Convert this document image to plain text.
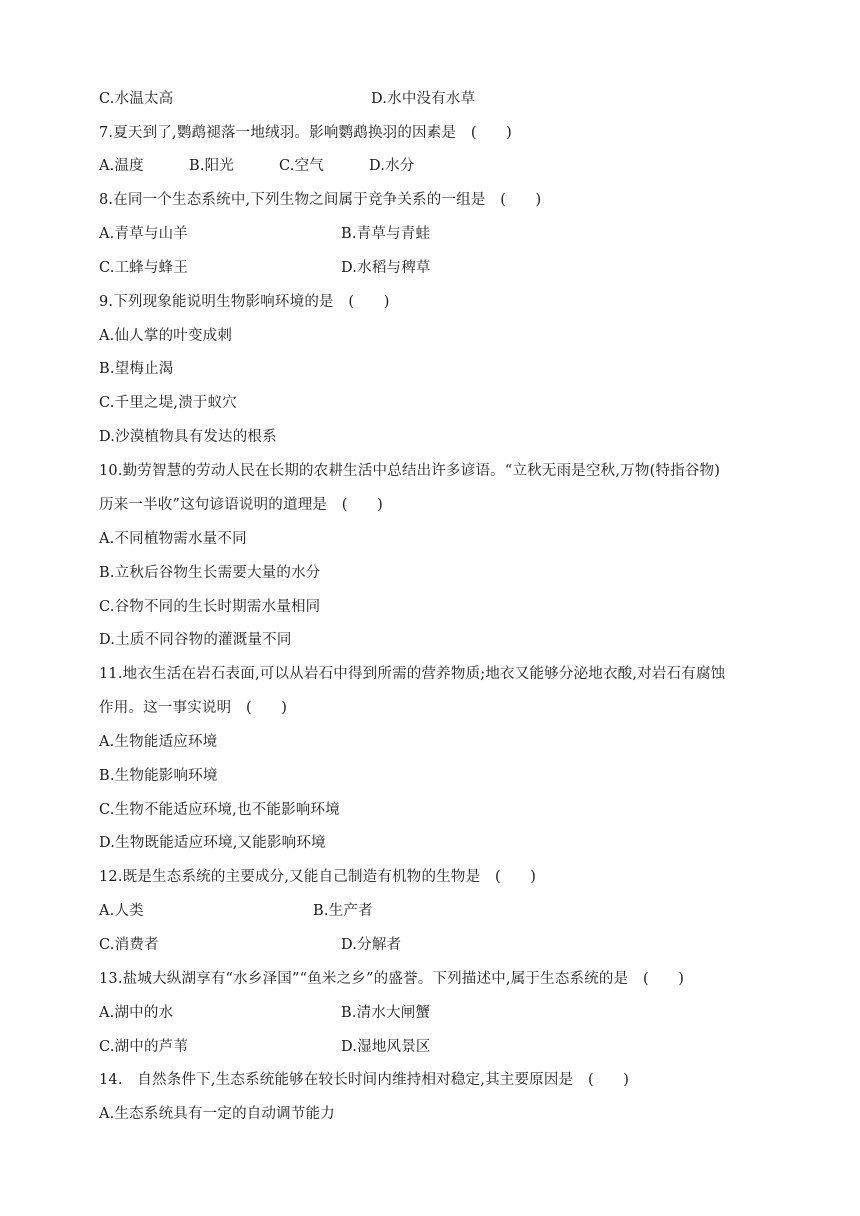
C.水温太高	D.水中没有水草
7.夏天到了,鹦鹉褪落一地绒羽。影响鹦鹉换羽的因素是　(　　)
A.温度	B.阳光	C.空气	D.水分
8.在同一个生态系统中,下列生物之间属于竞争关系的一组是　(　　)
A.青草与山羊	B.青草与青蛙
C.工蜂与蜂王	D.水稻与稗草
9.下列现象能说明生物影响环境的是　(　　)
A.仙人掌的叶变成刺
B.望梅止渴
C.千里之堤,溃于蚁穴
D.沙漠植物具有发达的根系
10.勤劳智慧的劳动人民在长期的农耕生活中总结出许多谚语。“立秋无雨是空秋,万物(特指谷物)
历来一半收”这句谚语说明的道理是　(　　)
A.不同植物需水量不同
B.立秋后谷物生长需要大量的水分
C.谷物不同的生长时期需水量相同
D.土质不同谷物的灌溉量不同
11.地衣生活在岩石表面,可以从岩石中得到所需的营养物质;地衣又能够分泌地衣酸,对岩石有腐蚀
作用。这一事实说明　(　　)
A.生物能适应环境
B.生物能影响环境
C.生物不能适应环境,也不能影响环境
D.生物既能适应环境,又能影响环境
12.既是生态系统的主要成分,又能自己制造有机物的生物是　(　　)
A.人类	B.生产者
C.消费者	D.分解者
13.盐城大纵湖享有“水乡泽国”“鱼米之乡”的盛誉。下列描述中,属于生态系统的是　(　　)
A.湖中的水	B.清水大闸蟹
C.湖中的芦苇	D.湿地风景区
14.　自然条件下,生态系统能够在较长时间内维持相对稳定,其主要原因是　(　　)
A.生态系统具有一定的自动调节能力
